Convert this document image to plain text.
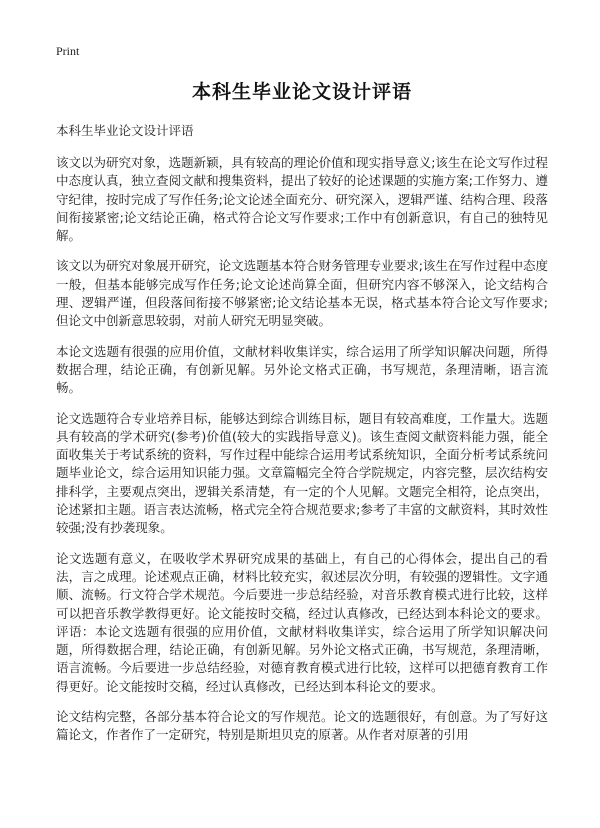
Print
本科生毕业论文设计评语
本科生毕业论文设计评语

该文以为研究对象，选题新颖，具有较高的理论价值和现实指导意义;该生在论文写作过程中态度认真，独立查阅文献和搜集资料，提出了较好的论述课题的实施方案;工作努力、遵守纪律，按时完成了写作任务;论文论述全面充分、研究深入，逻辑严谨、结构合理、段落间衔接紧密;论文结论正确，格式符合论文写作要求;工作中有创新意识，有自己的独特见解。

该文以为研究对象展开研究，论文选题基本符合财务管理专业要求;该生在写作过程中态度一般，但基本能够完成写作任务;论文论述尚算全面，但研究内容不够深入，论文结构合理、逻辑严谨，但段落间衔接不够紧密;论文结论基本无误，格式基本符合论文写作要求;但论文中创新意思较弱，对前人研究无明显突破。

本论文选题有很强的应用价值，文献材料收集详实，综合运用了所学知识解决问题，所得数据合理，结论正确，有创新见解。另外论文格式正确，书写规范，条理清晰，语言流畅。

论文选题符合专业培养目标，能够达到综合训练目标，题目有较高难度，工作量大。选题具有较高的学术研究(参考)价值(较大的实践指导意义)。该生查阅文献资料能力强，能全面收集关于考试系统的资料，写作过程中能综合运用考试系统知识，全面分析考试系统问题毕业论文，综合运用知识能力强。文章篇幅完全符合学院规定，内容完整，层次结构安排科学，主要观点突出，逻辑关系清楚，有一定的个人见解。文题完全相符，论点突出，论述紧扣主题。语言表达流畅，格式完全符合规范要求;参考了丰富的文献资料，其时效性较强;没有抄袭现象。

论文选题有意义，在吸收学术界研究成果的基础上，有自己的心得体会，提出自己的看法，言之成理。论述观点正确，材料比较充实，叙述层次分明，有较强的逻辑性。文字通顺、流畅。行文符合学术规范。今后要进一步总结经验，对音乐教育模式进行比较，这样可以把音乐教学教得更好。论文能按时交稿，经过认真修改，已经达到本科论文的要求。 评语：本论文选题有很强的应用价值，文献材料收集详实，综合运用了所学知识解决问题，所得数据合理，结论正确，有创新见解。另外论文格式正确，书写规范，条理清晰，语言流畅。今后要进一步总结经验，对德育教育模式进行比较，这样可以把德育教育工作得更好。论文能按时交稿，经过认真修改，已经达到本科论文的要求。

论文结构完整，各部分基本符合论文的写作规范。论文的选题很好，有创意。为了写好这篇论文，作者作了一定研究，特别是斯坦贝克的原著。从作者对原著的引用
